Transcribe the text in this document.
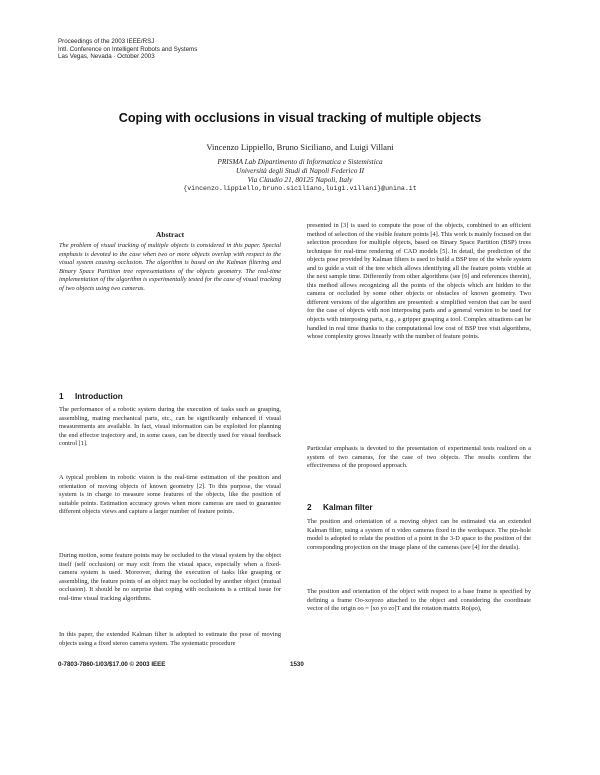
Proceedings of the 2003 IEEE/RSJ
Intl. Conference on Intelligent Robots and Systems
Las Vegas, Nevada · October 2003
Coping with occlusions in visual tracking of multiple objects
Vincenzo Lippiello, Bruno Siciliano, and Luigi Villani
PRISMA Lab Dipartimento di Informatica e Sistemistica
Università degli Studi di Napoli Federico II
Via Claudio 21, 80125 Napoli, Italy
{vincenzo.lippiello,bruno.siciliano,luigi.villani}@unina.it
Abstract
The problem of visual tracking of multiple objects is considered in this paper. Special emphasis is devoted to the case when two or more objects overlap with respect to the visual system causing occlusion. The algorithm is based on the Kalman filtering and Binary Space Partition tree representations of the objects geometry. The real-time implementation of the algorithm is experimentally tested for the case of visual tracking of two objects using two cameras.
1 Introduction
The performance of a robotic system during the execution of tasks such as grasping, assembling, mating mechanical parts, etc., can be significantly enhanced if visual measurements are available. In fact, visual information can be exploited for planning the end effector trajectory and, in some cases, can be directly used for visual feedback control [1].
A typical problem in robotic vision is the real-time estimation of the position and orientation of moving objects of known geometry [2]. To this purpose, the visual system is in charge to measure some features of the objects, like the position of suitable points. Estimation accuracy grows when more cameras are used to guarantee different objects views and capture a larger number of feature points.
During motion, some feature points may be occluded to the visual system by the object itself (self occlusion) or may exit from the visual space, especially when a fixed-camera system is used. Moreover, during the execution of tasks like grasping or assembling, the feature points of an object may be occluded by another object (mutual occlusion). It should be no surprise that coping with occlusions is a critical issue for real-time visual tracking algorithms.
In this paper, the extended Kalman filter is adopted to estimate the pose of moving objects using a fixed stereo camera system. The systematic procedure
presented in [3] is used to compute the pose of the objects, combined to an efficient method of selection of the visible feature points [4]. This work is mainly focused on the selection procedure for multiple objects, based on Binary Space Partition (BSP) trees technique for real-time rendering of CAD models [5]. In detail, the prediction of the objects pose provided by Kalman filters is used to build a BSP tree of the whole system and to guide a visit of the tree which allows identifying all the feature points visible at the next sample time. Differently from other algorithms (see [6] and references therein), this method allows recognizing all the points of the objects which are hidden to the camera or occluded by some other objects or obstacles of known geometry. Two different versions of the algorithm are presented: a simplified version that can be used for the case of objects with non interposing parts and a general version to be used for objects with interposing parts, e.g., a gripper grasping a tool. Complex situations can be handled in real time thanks to the computational low cost of BSP tree visit algorithms, whose complexity grows linearly with the number of feature points.
Particular emphasis is devoted to the presentation of experimental tests realized on a system of two cameras, for the case of two objects. The results confirm the effectiveness of the proposed approach.
2 Kalman filter
The position and orientation of a moving object can be estimated via an extended Kalman filter, using a system of n video cameras fixed in the workspace. The pin-hole model is adopted to relate the position of a point in the 3-D space to the position of the corresponding projection on the image plane of the cameras (see [4] for the details).
The position and orientation of the object with respect to a base frame is specified by defining a frame Oo-xoyozo attached to the object and considering the coordinate vector of the origin oo = [xo yo zo]T and the rotation matrix Ro(φo),
0-7803-7860-1/03/$17.00 © 2003 IEEE	1530
